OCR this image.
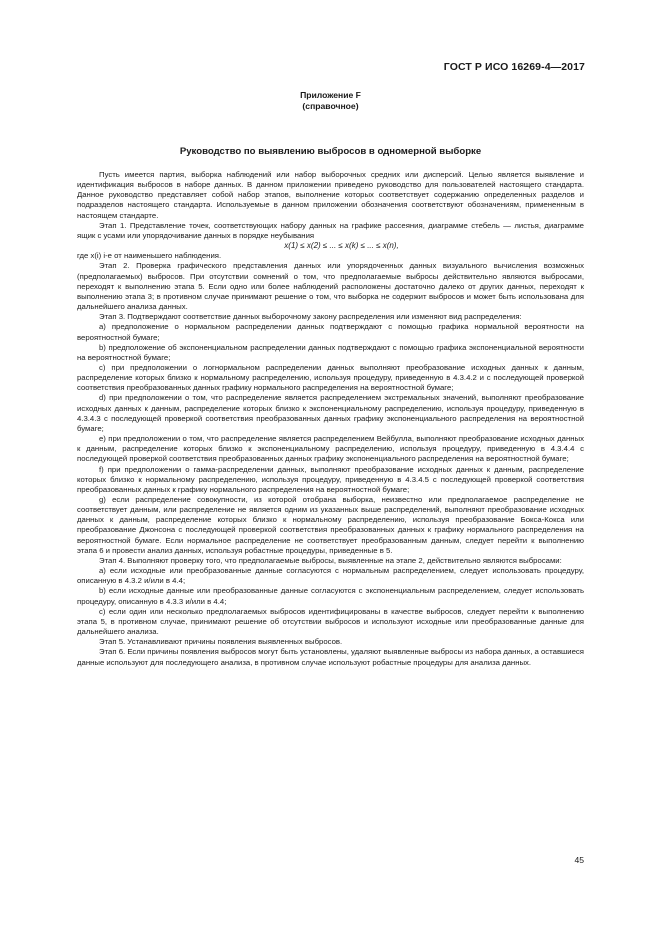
ГОСТ Р ИСО 16269-4—2017
Приложение F
(справочное)
Руководство по выявлению выбросов в одномерной выборке

Пусть имеется партия, выборка наблюдений или набор выборочных средних или дисперсий. Целью является выявление и идентификация выбросов в наборе данных. В данном приложении приведено руководство для пользователей настоящего стандарта. Данное руководство представляет собой набор этапов, выполнение которых соответствует содержанию определенных разделов и подразделов настоящего стандарта. Используемые в данном приложении обозначения соответствуют обозначениям, примененным в настоящем стандарте.

Этап 1. Представление точек, соответствующих набору данных на графике рассеяния, диаграмме стебель — листья, диаграмме ящик с усами или упорядочивание данных в порядке неубывания

x(1) ≤ x(2) ≤ ... ≤ x(k) ≤ ... ≤ x(n),

где x(i) i-е от наименьшего наблюдения.

Этап 2. Проверка графического представления данных или упорядоченных данных визуального вычисления возможных (предполагаемых) выбросов. При отсутствии сомнений о том, что предполагаемые выбросы действительно являются выбросами, переходят к выполнению этапа 5. Если одно или более наблюдений расположены достаточно далеко от других данных, переходят к выполнению этапа 3; в противном случае принимают решение о том, что выборка не содержит выбросов и может быть использована для дальнейшего анализа данных.

Этап 3. Подтверждают соответствие данных выборочному закону распределения или изменяют вид распределения:

а) предположение о нормальном распределении данных подтверждают с помощью графика нормальной вероятности на вероятностной бумаге;

b) предположение об экспоненциальном распределении данных подтверждают с помощью графика экспоненциальной вероятности на вероятностной бумаге;

с) при предположении о логнормальном распределении данных выполняют преобразование исходных данных к данным, распределение которых близко к нормальному распределению, используя процедуру, приведенную в 4.3.4.2 и с последующей проверкой соответствия преобразованных данных графику нормального распределения на вероятностной бумаге;

d) при предположении о том, что распределение является распределением экстремальных значений, выполняют преобразование исходных данных к данным, распределение которых близко к экспоненциальному распределению, используя процедуру, приведенную в 4.3.4.3 с последующей проверкой соответствия преобразованных данных графику экспоненциального распределения на вероятностной бумаге;

е) при предположении о том, что распределение является распределением Вейбулла, выполняют преобразование исходных данных к данным, распределение которых близко к экспоненциальному распределению, используя процедуру, приведенную в 4.3.4.4 с последующей проверкой соответствия преобразованных данных графику экспоненциального распределения на вероятностной бумаге;

f) при предположении о гамма-распределении данных, выполняют преобразование исходных данных к данным, распределение которых близко к нормальному распределению, используя процедуру, приведенную в 4.3.4.5 с последующей проверкой соответствия преобразованных данных к графику нормального распределения на вероятностной бумаге;

g) если распределение совокупности, из которой отобрана выборка, неизвестно или предполагаемое распределение не соответствует данным, или распределение не является одним из указанных выше распределений, выполняют преобразование исходных данных к данным, распределение которых близко к нормальному распределению, используя преобразование Бокса-Кокса или преобразование Джонсона с последующей проверкой соответствия преобразованных данных к графику нормального распределения на вероятностной бумаге. Если нормальное распределение не соответствует преобразованным данным, следует перейти к выполнению этапа 6 и провести анализ данных, используя робастные процедуры, приведенные в 5.

Этап 4. Выполняют проверку того, что предполагаемые выбросы, выявленные на этапе 2, действительно являются выбросами:

а) если исходные или преобразованные данные согласуются с нормальным распределением, следует использовать процедуру, описанную в 4.3.2 и/или в 4.4;

b) если исходные данные или преобразованные данные согласуются с экспоненциальным распределением, следует использовать процедуру, описанную в 4.3.3 и/или в 4.4;

с) если один или несколько предполагаемых выбросов идентифицированы в качестве выбросов, следует перейти к выполнению этапа 5, в противном случае, принимают решение об отсутствии выбросов и используют исходные или преобразованные данные для дальнейшего анализа.

Этап 5. Устанавливают причины появления выявленных выбросов.

Этап 6. Если причины появления выбросов могут быть установлены, удаляют выявленные выбросы из набора данных, а оставшиеся данные используют для последующего анализа, в противном случае используют робастные процедуры для анализа данных.

45
